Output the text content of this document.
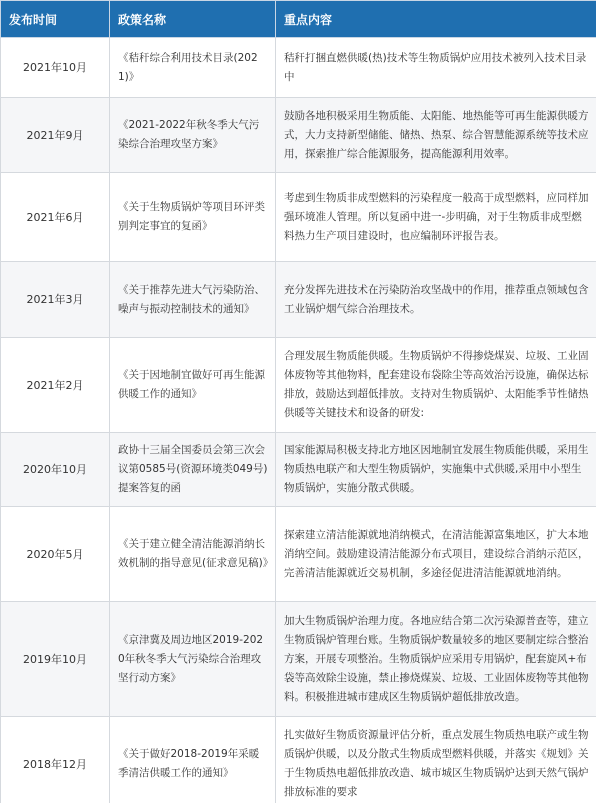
发布时间	政策名称	重点内容
2021年10月	《秸秆综合利用技术目录(2021)》	秸秆打捆直燃供暖(热)技术等生物质锅炉应用技术被列入技术目录中
2021年9月	《2021-2022年秋冬季大气污染综合治理攻坚方案》	鼓励各地积极采用生物质能、太阳能、地热能等可再生能源供暖方式，大力支持新型储能、储热、热泵、综合智慧能源系统等技术应用，探索推广综合能源服务，提高能源利用效率。
2021年6月	《关于生物质锅炉等项目环评类别判定事宜的复函》	考虑到生物质非成型燃料的污染程度一般高于成型燃料，应同样加强环境准人管理。所以复函中进一-步明确，对于生物质非成型燃料热力生产项目建设时，也应编制环评报告表。
2021年3月	《关于推荐先进大气污染防治、噪声与振动控制技术的通知》	充分发挥先进技术在污染防治攻坚战中的作用，推荐重点领域包含工业锅炉烟气综合治理技术。
2021年2月	《关于因地制宜做好可再生能源供暖工作的通知》	合理发展生物质能供暖。生物质锅炉不得掺烧煤炭、垃圾、工业固体废物等其他物料，配套建设布袋除尘等高效治污设施，确保达标排放，鼓励达到超低排放。支持对生物质锅炉、太阳能季节性储热供暖等关键技术和设备的研发:
2020年10月	政协十三届全国委员会第三次会议第0585号(资源环境类049号)提案答复的函	国家能源局积极支持北方地区因地制宜发展生物质能供暖，采用生物质热电联产和大型生物质锅炉，实施集中式供暖,采用中小型生物质锅炉，实施分散式供暖。
2020年5月	《关于建立健全清洁能源消纳长效机制的指导意见(征求意见稿)》	探索建立清洁能源就地消纳模式，在清洁能源富集地区，扩大本地消纳空间。鼓励建设清洁能源分布式项目，建设综合消纳示范区，完善清洁能源就近交易机制，多途径促进清洁能源就地消纳。
2019年10月	《京津冀及周边地区2019-2020年秋冬季大气污染综合治理攻坚行动方案》	加大生物质锅炉治理力度。各地应结合第二次污染源普查等，建立生物质锅炉管理台账。生物质锅炉数量较多的地区要制定综合整治方案，开展专项整治。生物质锅炉应采用专用锅炉，配套旋风+布袋等高效除尘设施，禁止掺烧煤炭、垃圾、工业固体废物等其他物料。积极推进城市建成区生物质锅炉超低排放改造。
2018年12月	《关于做好2018-2019年采暖季清洁供暖工作的通知》	扎实做好生物质资源量评估分析，重点发展生物质热电联产或生物质锅炉供暖，以及分散式生物质成型燃料供暖，并落实《规划》关于生物质热电超低排放改造、城市城区生物质锅炉达到天然气锅炉排放标准的要求
